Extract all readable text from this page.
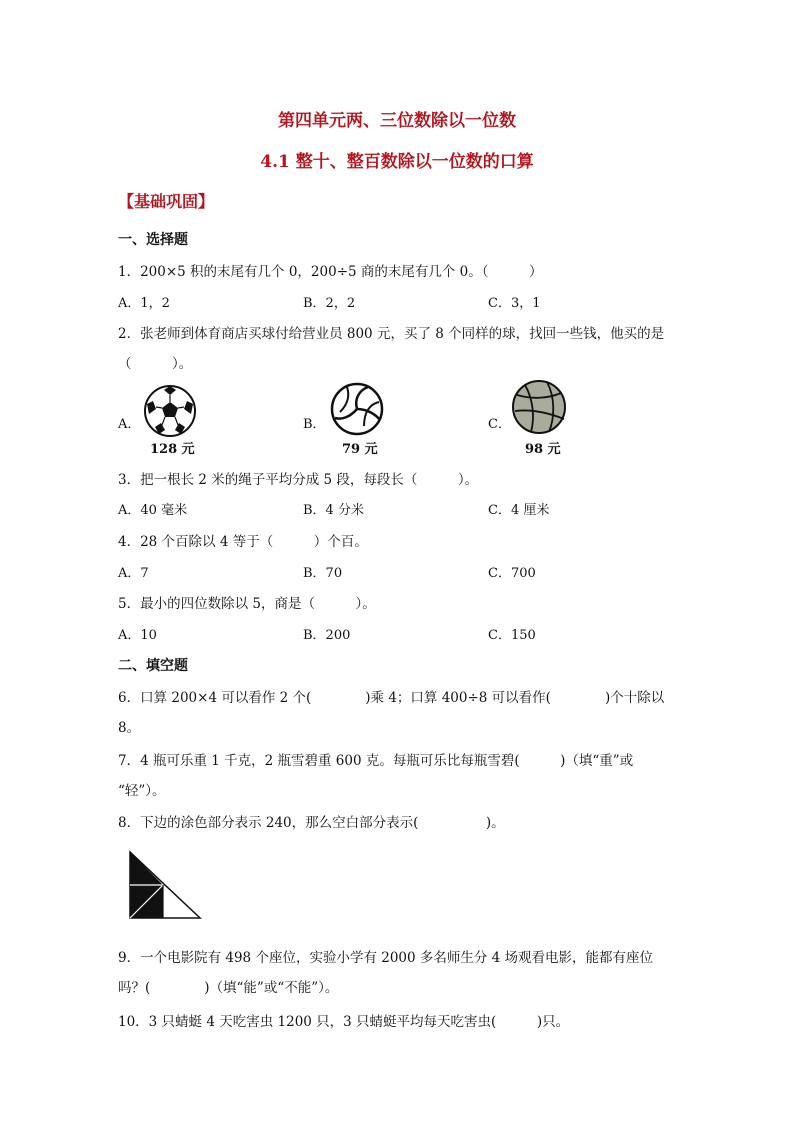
第四单元两、三位数除以一位数
4.1 整十、整百数除以一位数的口算
【基础巩固】
一、选择题
1．200×5 积的末尾有几个 0，200÷5 商的末尾有几个 0。（　　　）
A．1，2	B．2，2	C．3，1
2．张老师到体育商店买球付给营业员 800 元，买了 8 个同样的球，找回一些钱，他买的是
（　　　）。
A．
128 元
B．
79 元
C．
98 元
3．把一根长 2 米的绳子平均分成 5 段，每段长（　　　）。
A．40 毫米	B．4 分米	C．4 厘米
4．28 个百除以 4 等于（　　　）个百。
A．7	B．70	C．700
5．最小的四位数除以 5，商是（　　　）。
A．10	B．200	C．150
二、填空题
6．口算 200×4 可以看作 2 个(　　　　)乘 4；口算 400÷8 可以看作(　　　　)个十除以
8。
7．4 瓶可乐重 1 千克，2 瓶雪碧重 600 克。每瓶可乐比每瓶雪碧(　　　)（填“重”或
“轻”）。
8．下边的涂色部分表示 240，那么空白部分表示(　　　　　)。
9．一个电影院有 498 个座位，实验小学有 2000 多名师生分 4 场观看电影，能都有座位
吗？(　　　　)（填“能”或“不能”）。
10．3 只蜻蜓 4 天吃害虫 1200 只，3 只蜻蜓平均每天吃害虫(　　　)只。
